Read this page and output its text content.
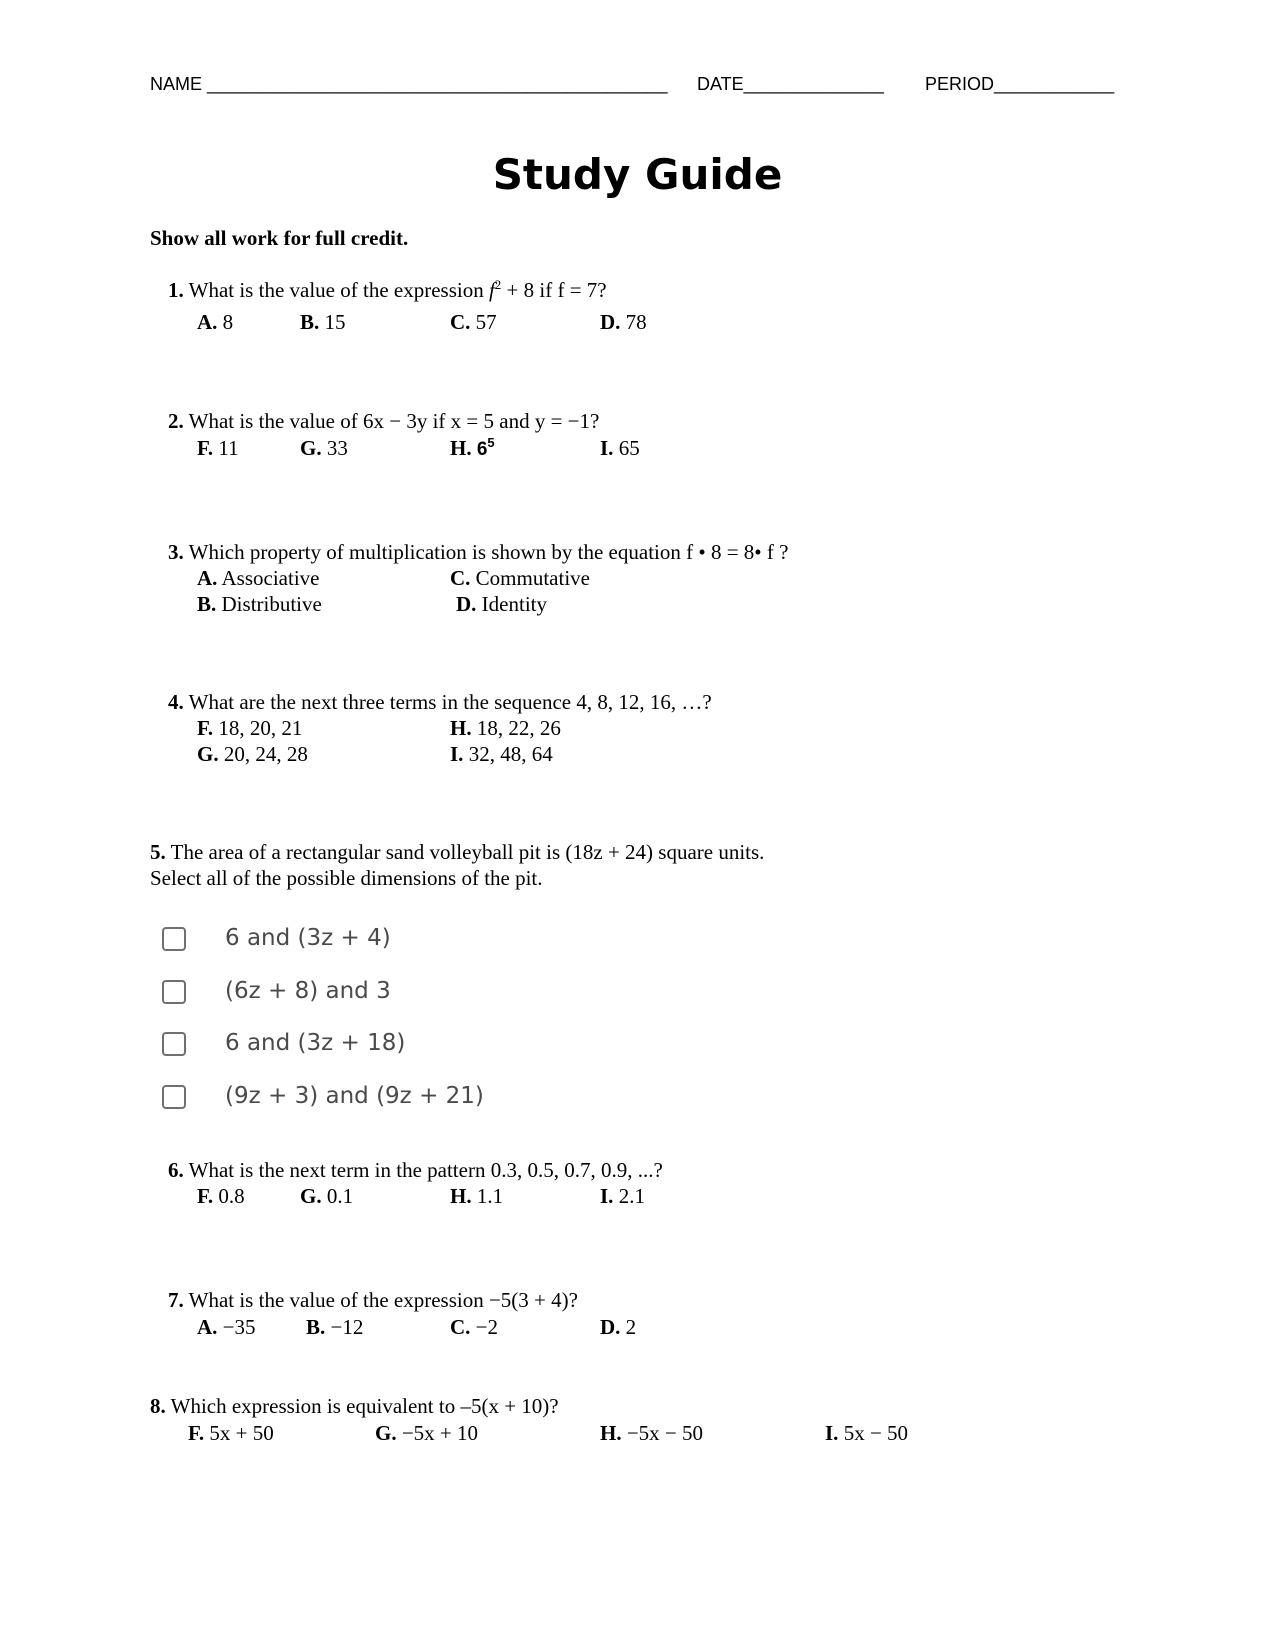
NAME ______________________________________________ DATE______________ PERIOD____________
Study Guide
Show all work for full credit.
1. What is the value of the expression $f^2 + 8$ if f = 7?
A. 8	B. 15	C. 57	D. 78
2. What is the value of 6x − 3y if x = 5 and y = −1?
F. 11	G. 33	H. $6^5$	I. 65
3. Which property of multiplication is shown by the equation f • 8 = 8• f ?
A. Associative	C. Commutative
B. Distributive	D. Identity
4. What are the next three terms in the sequence 4, 8, 12, 16, …?
F. 18, 20, 21	H. 18, 22, 26
G. 20, 24, 28	I. 32, 48, 64
5. The area of a rectangular sand volleyball pit is (18z + 24) square units.
Select all of the possible dimensions of the pit.
6 and (3z + 4)
(6z + 8) and 3
6 and (3z + 18)
(9z + 3) and (9z + 21)
6. What is the next term in the pattern 0.3, 0.5, 0.7, 0.9, ...?
F. 0.8	G. 0.1	H. 1.1	I. 2.1
7. What is the value of the expression −5(3 + 4)?
A. −35 B. −12	C. −2	D. 2
8. Which expression is equivalent to –5(x + 10)?
F. 5x + 50	G. −5x + 10	H. −5x − 50	I. 5x − 50
